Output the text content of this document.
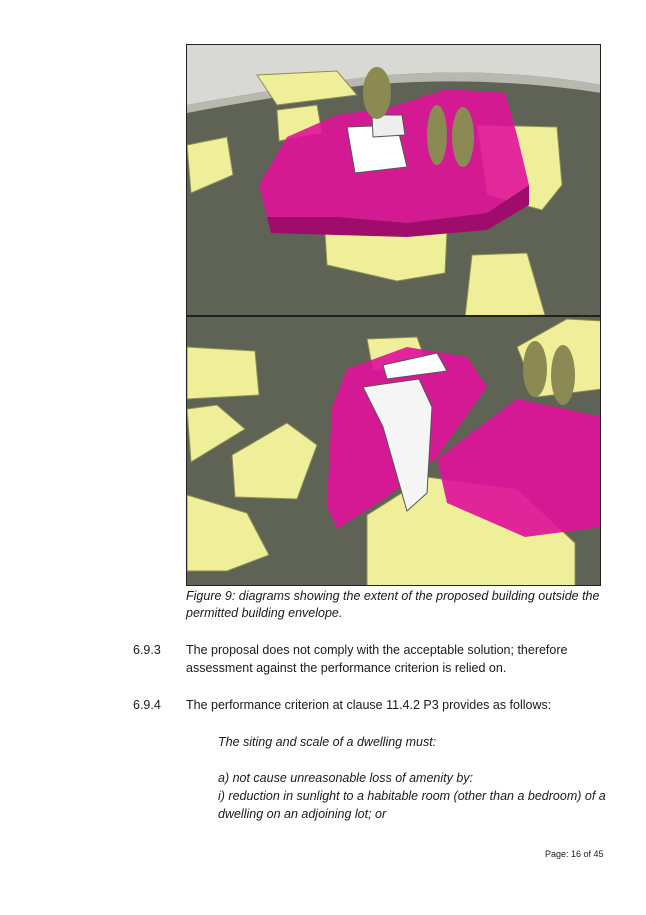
Figure 9: diagrams showing the extent of the proposed building outside the permitted building envelope.
6.9.3 The proposal does not comply with the acceptable solution; therefore assessment against the performance criterion is relied on.
6.9.4 The performance criterion at clause 11.4.2 P3 provides as follows:
The siting and scale of a dwelling must:
a) not cause unreasonable loss of amenity by:
i) reduction in sunlight to a habitable room (other than a bedroom) of a dwelling on an adjoining lot; or
Page: 16 of 45
